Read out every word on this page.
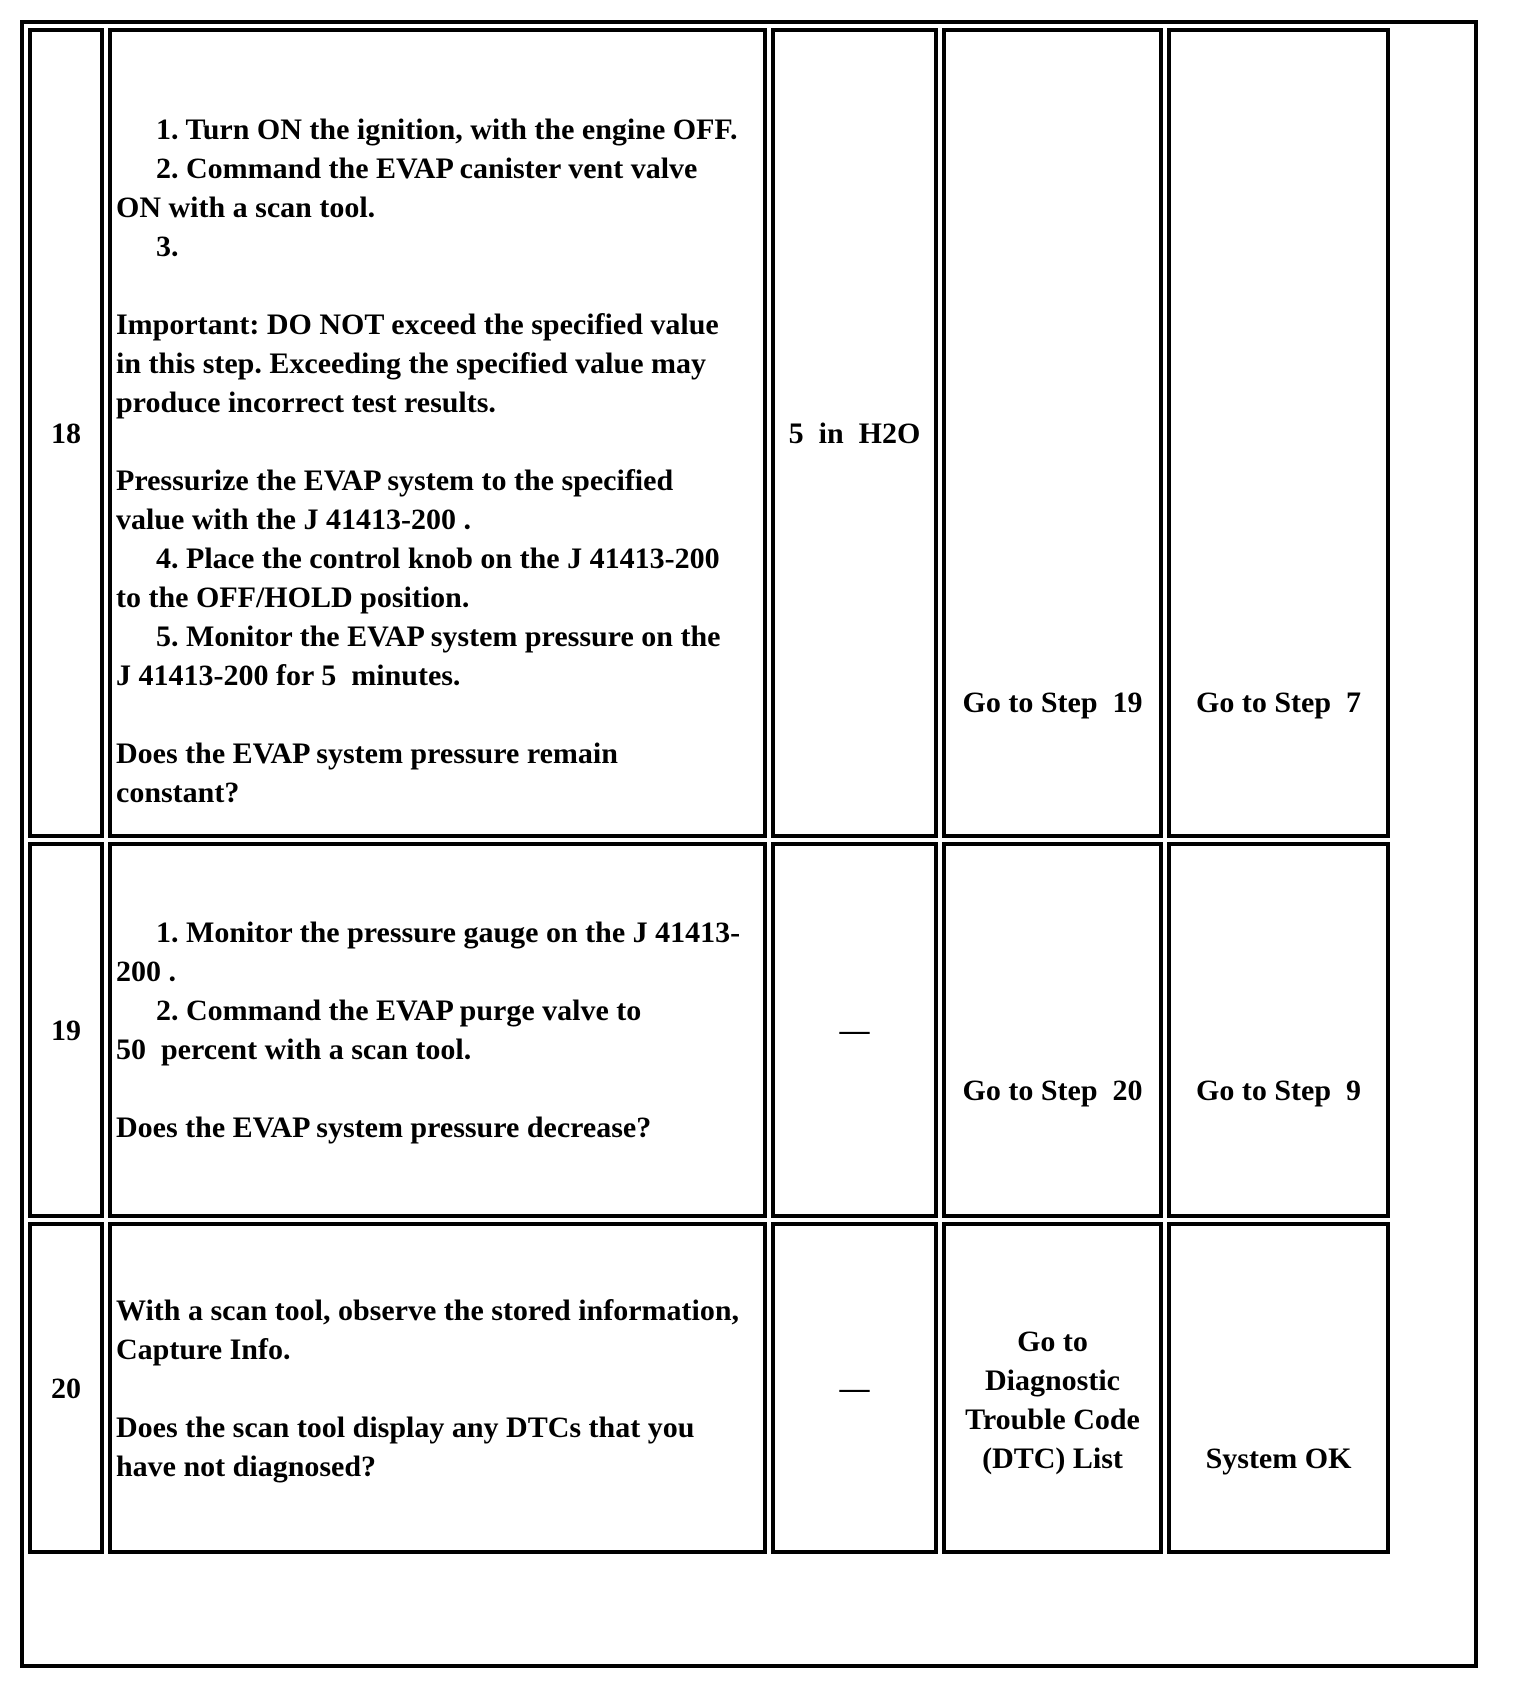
18
1. Turn ON the ignition, with the engine OFF.
2. Command the EVAP canister vent valve
ON with a scan tool.
3.
Important: DO NOT exceed the specified value
in this step. Exceeding the specified value may
produce incorrect test results.
Pressurize the EVAP system to the specified
value with the J 41413-200 .
4. Place the control knob on the J 41413-200
to the OFF/HOLD position.
5. Monitor the EVAP system pressure on the
J 41413-200 for 5  minutes.
Does the EVAP system pressure remain
constant?
5  in  H2O
Go to Step  19 Go to Step  7
19
1. Monitor the pressure gauge on the J 41413-
200 .
2. Command the EVAP purge valve to
50  percent with a scan tool.
Does the EVAP system pressure decrease?
—
Go to Step  20 Go to Step  9
20
With a scan tool, observe the stored information,
Capture Info.
Does the scan tool display any DTCs that you
have not diagnosed?
—
Go to
Diagnostic
Trouble Code
(DTC) List	System OK
